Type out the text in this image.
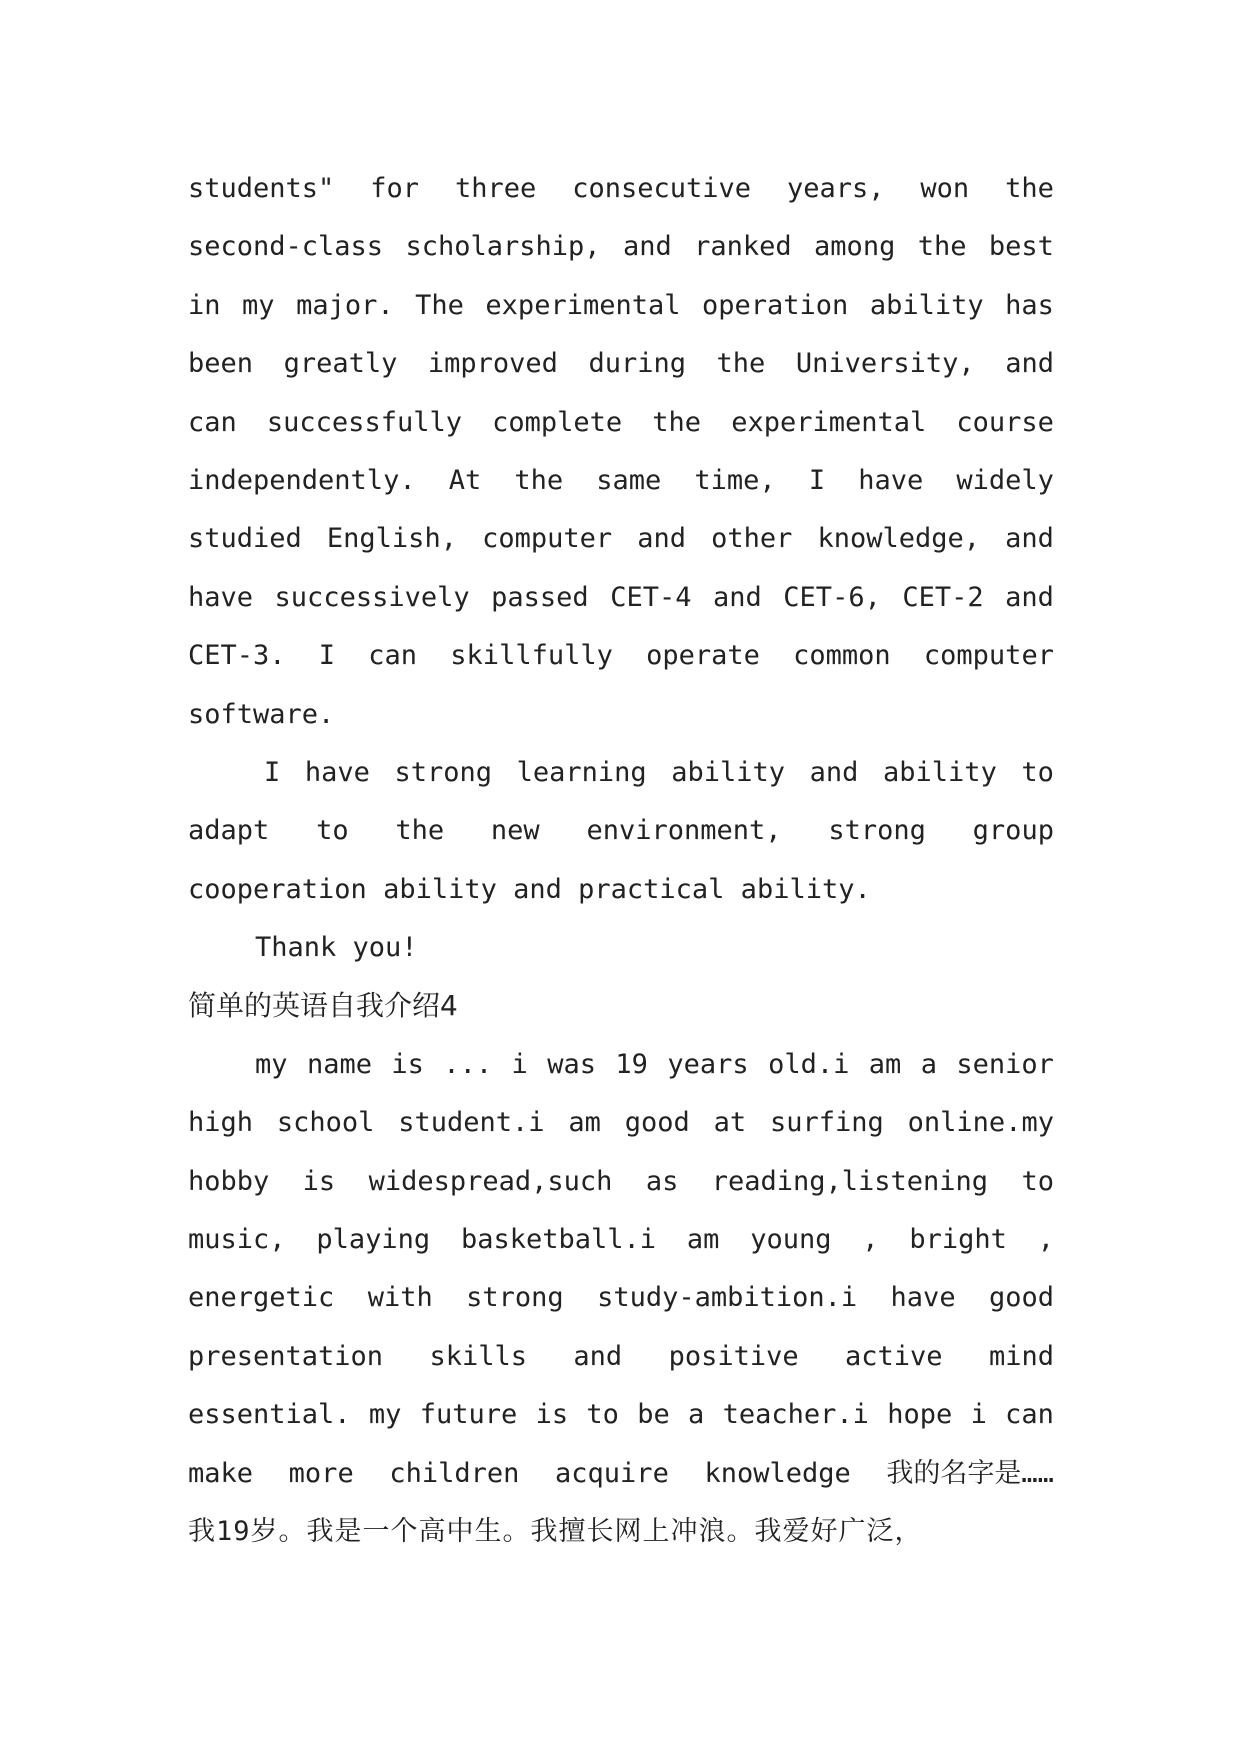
students" for three consecutive years, won the
second-class scholarship, and ranked among the best
in my major. The experimental operation ability has
been greatly improved during the University, and
can successfully complete the experimental course
independently. At the same time, I have widely
studied English, computer and other knowledge, and
have successively passed CET-4 and CET-6, CET-2 and
CET-3. I can skillfully operate common computer
software.
I have strong learning ability and ability to
adapt to the new environment, strong group
cooperation ability and practical ability.
Thank you!
简单的英语自我介绍4
my name is ... i was 19 years old.i am a senior
high school student.i am good at surfing online.my
hobby is widespread,such as reading,listening to
music, playing basketball.i am young , bright ,
energetic with strong study-ambition.i have good
presentation skills and positive active mind
essential. my future is to be a teacher.i hope i can
make more children acquire knowledge 我的名字是……
我19岁。我是一个高中生。我擅长网上冲浪。我爱好广泛，
